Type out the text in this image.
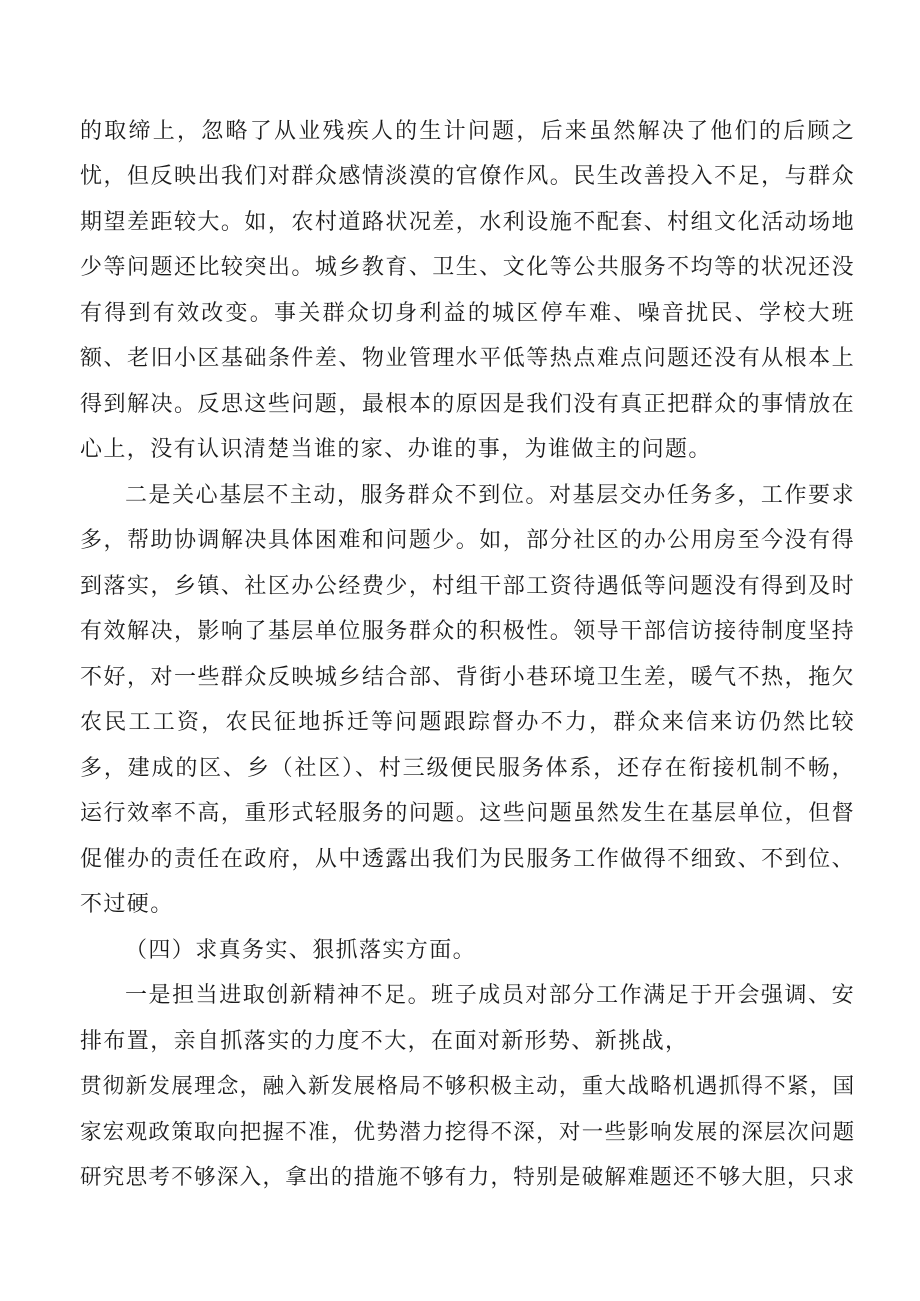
的取缔上，忽略了从业残疾人的生计问题，后来虽然解决了他们的后顾之
忧，但反映出我们对群众感情淡漠的官僚作风。民生改善投入不足，与群众
期望差距较大。如，农村道路状况差，水利设施不配套、村组文化活动场地
少等问题还比较突出。城乡教育、卫生、文化等公共服务不均等的状况还没
有得到有效改变。事关群众切身利益的城区停车难、噪音扰民、学校大班
额、老旧小区基础条件差、物业管理水平低等热点难点问题还没有从根本上
得到解决。反思这些问题，最根本的原因是我们没有真正把群众的事情放在
心上，没有认识清楚当谁的家、办谁的事，为谁做主的问题。
二是关心基层不主动，服务群众不到位。对基层交办任务多，工作要求
多，帮助协调解决具体困难和问题少。如，部分社区的办公用房至今没有得
到落实，乡镇、社区办公经费少，村组干部工资待遇低等问题没有得到及时
有效解决，影响了基层单位服务群众的积极性。领导干部信访接待制度坚持
不好，对一些群众反映城乡结合部、背街小巷环境卫生差，暖气不热，拖欠
农民工工资，农民征地拆迁等问题跟踪督办不力，群众来信来访仍然比较
多，建成的区、乡（社区）、村三级便民服务体系，还存在衔接机制不畅，
运行效率不高，重形式轻服务的问题。这些问题虽然发生在基层单位，但督
促催办的责任在政府，从中透露出我们为民服务工作做得不细致、不到位、
不过硬。
（四）求真务实、狠抓落实方面。
一是担当进取创新精神不足。班子成员对部分工作满足于开会强调、安
排布置，亲自抓落实的力度不大，在面对新形势、新挑战，
贯彻新发展理念，融入新发展格局不够积极主动，重大战略机遇抓得不紧，国
家宏观政策取向把握不准，优势潜力挖得不深，对一些影响发展的深层次问题
研究思考不够深入，拿出的措施不够有力，特别是破解难题还不够大胆，只求
